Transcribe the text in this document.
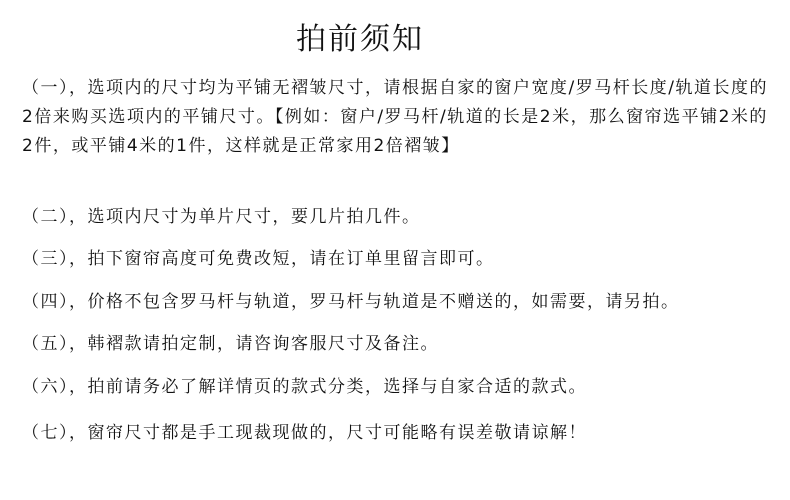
拍前须知
（一），选项内的尺寸均为平铺无褶皱尺寸，请根据自家的窗户宽度/罗马杆长度/轨道长度的2倍来购买选项内的平铺尺寸。【例如：窗户/罗马杆/轨道的长是2米，那么窗帘选平铺2米的2件，或平铺4米的1件，这样就是正常家用2倍褶皱】
（二），选项内尺寸为单片尺寸，要几片拍几件。
（三），拍下窗帘高度可免费改短，请在订单里留言即可。
（四），价格不包含罗马杆与轨道，罗马杆与轨道是不赠送的，如需要，请另拍。
（五），韩褶款请拍定制，请咨询客服尺寸及备注。
（六），拍前请务必了解详情页的款式分类，选择与自家合适的款式。
（七），窗帘尺寸都是手工现裁现做的，尺寸可能略有误差敬请谅解！
